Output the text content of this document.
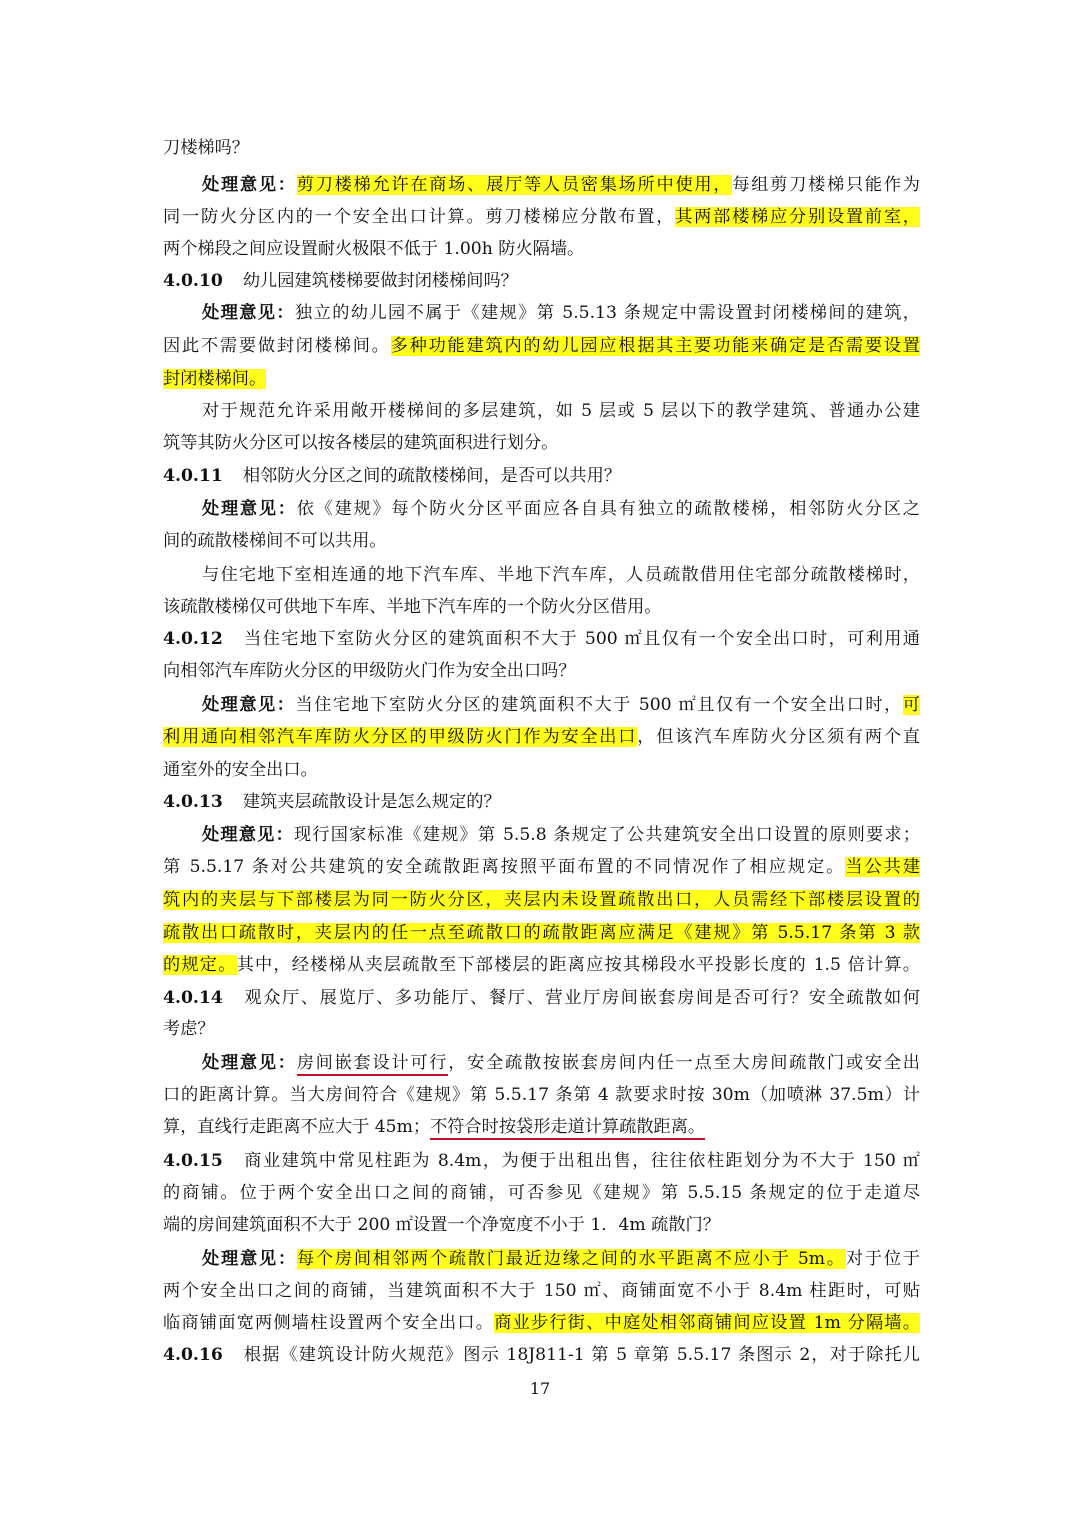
刀楼梯吗？
处理意见：剪刀楼梯允许在商场、展厅等人员密集场所中使用，每组剪刀楼梯只能作为
同一防火分区内的一个安全出口计算。剪刀楼梯应分散布置，其两部楼梯应分别设置前室，
两个梯段之间应设置耐火极限不低于 1.00h 防火隔墙。
4.0.10 幼儿园建筑楼梯要做封闭楼梯间吗？
处理意见：独立的幼儿园不属于《建规》第 5.5.13 条规定中需设置封闭楼梯间的建筑，
因此不需要做封闭楼梯间。多种功能建筑内的幼儿园应根据其主要功能来确定是否需要设置
封闭楼梯间。
对于规范允许采用敞开楼梯间的多层建筑，如 5 层或 5 层以下的教学建筑、普通办公建
筑等其防火分区可以按各楼层的建筑面积进行划分。
4.0.11 相邻防火分区之间的疏散楼梯间，是否可以共用？
处理意见：依《建规》每个防火分区平面应各自具有独立的疏散楼梯，相邻防火分区之
间的疏散楼梯间不可以共用。
与住宅地下室相连通的地下汽车库、半地下汽车库，人员疏散借用住宅部分疏散楼梯时，
该疏散楼梯仅可供地下车库、半地下汽车库的一个防火分区借用。
4.0.12 当住宅地下室防火分区的建筑面积不大于 500 ㎡且仅有一个安全出口时，可利用通
向相邻汽车库防火分区的甲级防火门作为安全出口吗？
处理意见：当住宅地下室防火分区的建筑面积不大于 500 ㎡且仅有一个安全出口时，可
利用通向相邻汽车库防火分区的甲级防火门作为安全出口，但该汽车库防火分区须有两个直
通室外的安全出口。
4.0.13 建筑夹层疏散设计是怎么规定的？
处理意见：现行国家标准《建规》第 5.5.8 条规定了公共建筑安全出口设置的原则要求；
第 5.5.17 条对公共建筑的安全疏散距离按照平面布置的不同情况作了相应规定。当公共建
筑内的夹层与下部楼层为同一防火分区，夹层内未设置疏散出口，人员需经下部楼层设置的
疏散出口疏散时，夹层内的任一点至疏散口的疏散距离应满足《建规》第 5.5.17 条第 3 款
的规定。其中，经楼梯从夹层疏散至下部楼层的距离应按其梯段水平投影长度的 1.5 倍计算。
4.0.14 观众厅、展览厅、多功能厅、餐厅、营业厅房间嵌套房间是否可行？安全疏散如何
考虑？
处理意见：房间嵌套设计可行，安全疏散按嵌套房间内任一点至大房间疏散门或安全出
口的距离计算。当大房间符合《建规》第 5.5.17 条第 4 款要求时按 30m（加喷淋 37.5m）计
算，直线行走距离不应大于 45m；不符合时按袋形走道计算疏散距离。
4.0.15 商业建筑中常见柱距为 8.4m，为便于出租出售，往往依柱距划分为不大于 150 ㎡
的商铺。位于两个安全出口之间的商铺，可否参见《建规》第 5.5.15 条规定的位于走道尽
端的房间建筑面积不大于 200 ㎡设置一个净宽度不小于 1．4m 疏散门？
处理意见：每个房间相邻两个疏散门最近边缘之间的水平距离不应小于 5m。对于位于
两个安全出口之间的商铺，当建筑面积不大于 150 ㎡、商铺面宽不小于 8.4m 柱距时，可贴
临商铺面宽两侧墙柱设置两个安全出口。商业步行街、中庭处相邻商铺间应设置 1m 分隔墙。
4.0.16 根据《建筑设计防火规范》图示 18J811-1 第 5 章第 5.5.17 条图示 2，对于除托儿
17
